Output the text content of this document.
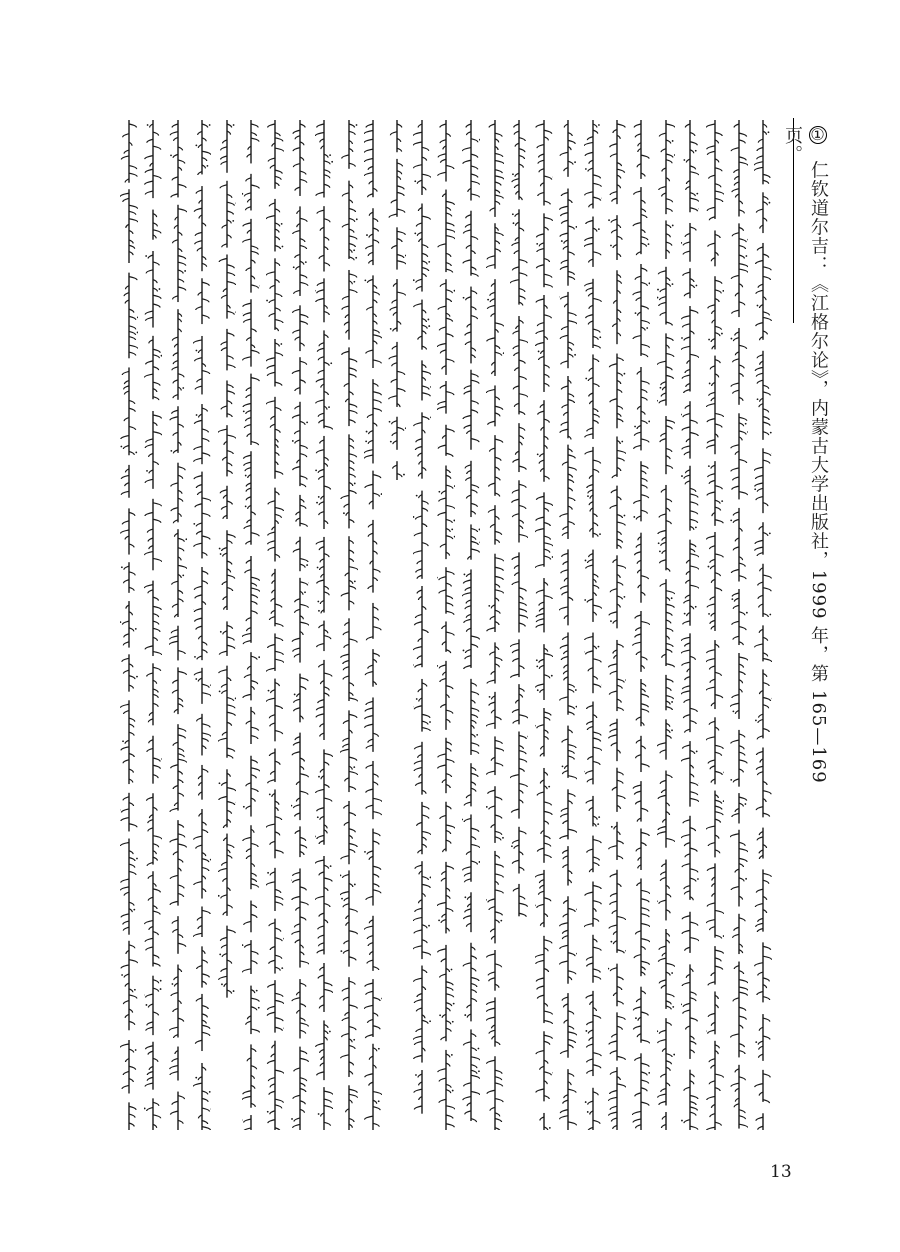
① 仁钦道尔吉：《江格尔论》，内蒙古大学出版社，1999 年，第 165—169 页。
13
